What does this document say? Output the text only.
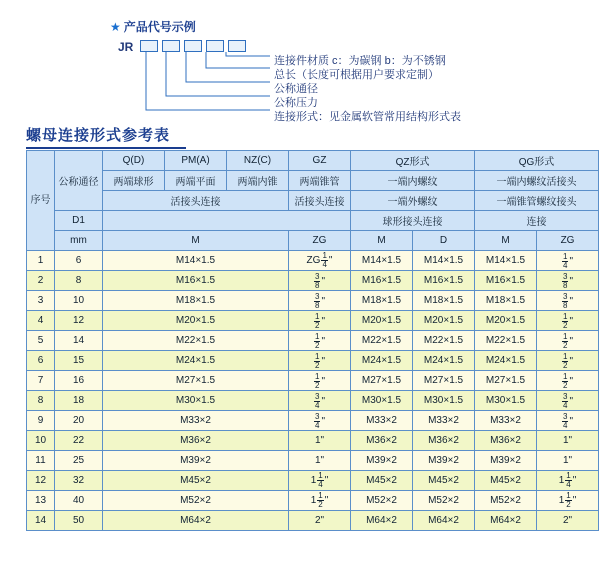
★ 产品代号示例
JR
连接件材质 c：为碳钢 b：为不锈钢
总长（长度可根据用户要求定制）
公称通径
公称压力
连接形式：见金属软管常用结构形式表
螺母连接形式参考表
序号	公称通径	Q(D)	PM(A)	NZ(C)	GZ	QZ形式		QG形式	
		两端球形	两端平面	两端内锥	两端锥管	一端内螺纹		一端内螺纹活接头	
		活接头连接			活接头连接	一端外螺纹		一端锥管螺纹接头	
	D1					球形接头连接		连接	
	mm	M			ZG	M	D	M	ZG
1	6	M14×1.5			ZG $\frac{1}{4}$ "	M14×1.5	M14×1.5	M14×1.5	$\frac{1}{4}$ "

2	8	M16×1.5			$\frac{3}{8}$ "	M16×1.5	M16×1.5	M16×1.5	$\frac{3}{8}$ "

3	10	M18×1.5			$\frac{3}{8}$ "	M18×1.5	M18×1.5	M18×1.5	$\frac{3}{8}$ "

4	12	M20×1.5			$\frac{1}{2}$ "	M20×1.5	M20×1.5	M20×1.5	$\frac{1}{2}$ "

5	14	M22×1.5			$\frac{1}{2}$ "	M22×1.5	M22×1.5	M22×1.5	$\frac{1}{2}$ "

6	15	M24×1.5			$\frac{1}{2}$ "	M24×1.5	M24×1.5	M24×1.5	$\frac{1}{2}$ "

7	16	M27×1.5			$\frac{1}{2}$ "	M27×1.5	M27×1.5	M27×1.5	$\frac{1}{2}$ "

8	18	M30×1.5			$\frac{3}{4}$ "	M30×1.5	M30×1.5	M30×1.5	$\frac{3}{4}$ "

9	20	M33×2			$\frac{3}{4}$ "	M33×2	M33×2	M33×2	$\frac{3}{4}$ "

10	22	M36×2			1"	M36×2	M36×2	M36×2	1"
11	25	M39×2			1"	M39×2	M39×2	M39×2	1"
12	32	M45×2			$1 \frac{1}{4}$ "	M45×2	M45×2	M45×2	$1 \frac{1}{4}$ "

13	40	M52×2			$1 \frac{1}{2}$ "	M52×2	M52×2	M52×2	$1 \frac{1}{2}$ "

14	50	M64×2			2"	M64×2	M64×2	M64×2	2"
